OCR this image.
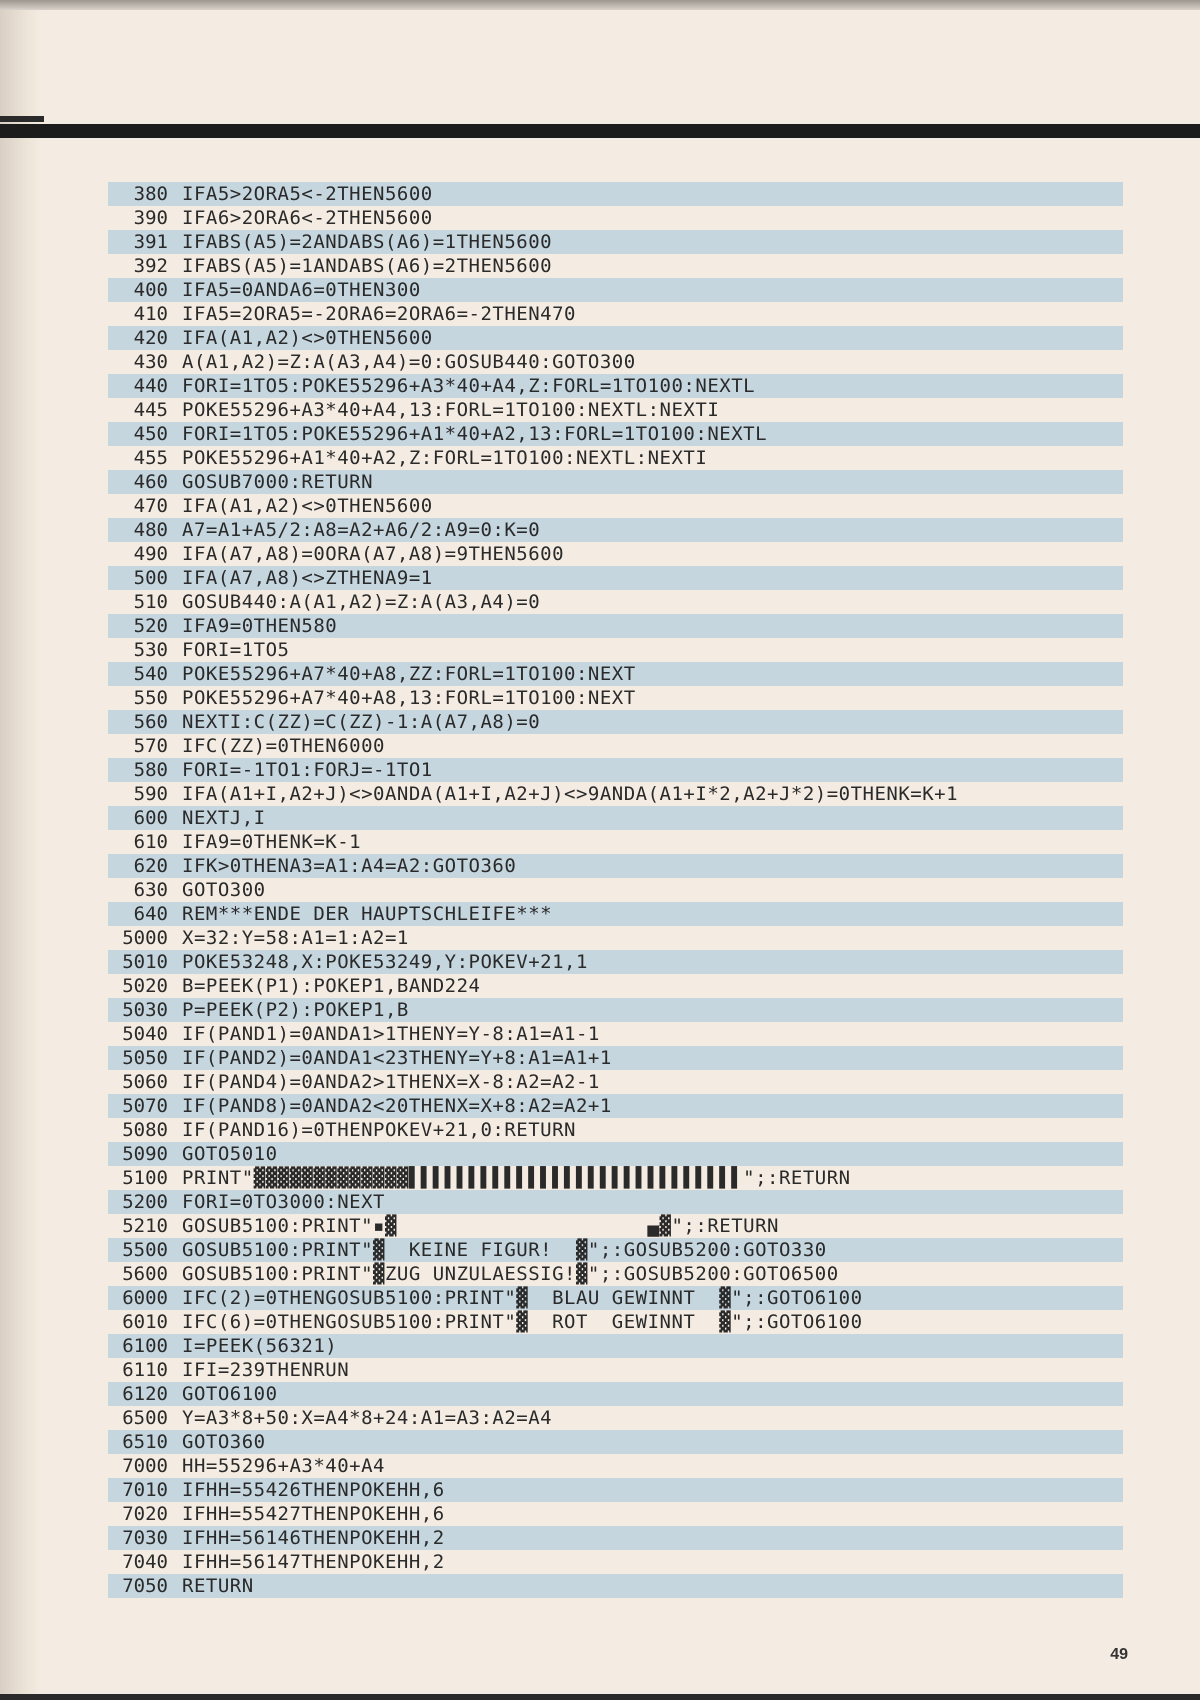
380 IFA5>2ORA5<-2THEN5600
390 IFA6>2ORA6<-2THEN5600
391 IFABS(A5)=2ANDABS(A6)=1THEN5600
392 IFABS(A5)=1ANDABS(A6)=2THEN5600
400 IFA5=0ANDA6=0THEN300
410 IFA5=2ORA5=-2ORA6=2ORA6=-2THEN470
420 IFA(A1,A2)<>0THEN5600
430 A(A1,A2)=Z:A(A3,A4)=0:GOSUB440:GOTO300
440 FORI=1TO5:POKE55296+A3*40+A4,Z:FORL=1TO100:NEXTL
445 POKE55296+A3*40+A4,13:FORL=1TO100:NEXTL:NEXTI
450 FORI=1TO5:POKE55296+A1*40+A2,13:FORL=1TO100:NEXTL
455 POKE55296+A1*40+A2,Z:FORL=1TO100:NEXTL:NEXTI
460 GOSUB7000:RETURN
470 IFA(A1,A2)<>0THEN5600
480 A7=A1+A5/2:A8=A2+A6/2:A9=0:K=0
490 IFA(A7,A8)=0ORA(A7,A8)=9THEN5600
500 IFA(A7,A8)<>ZTHENA9=1
510 GOSUB440:A(A1,A2)=Z:A(A3,A4)=0
520 IFA9=0THEN580
530 FORI=1TO5
540 POKE55296+A7*40+A8,ZZ:FORL=1TO100:NEXT
550 POKE55296+A7*40+A8,13:FORL=1TO100:NEXT
560 NEXTI:C(ZZ)=C(ZZ)-1:A(A7,A8)=0
570 IFC(ZZ)=0THEN6000
580 FORI=-1TO1:FORJ=-1TO1
590 IFA(A1+I,A2+J)<>0ANDA(A1+I,A2+J)<>9ANDA(A1+I*2,A2+J*2)=0THENK=K+1
600 NEXTJ,I
610 IFA9=0THENK=K-1
620 IFK>0THENA3=A1:A4=A2:GOTO360
630 GOTO300
640 REM***ENDE DER HAUPTSCHLEIFE***
5000 X=32:Y=58:A1=1:A2=1
5010 POKE53248,X:POKE53249,Y:POKEV+21,1
5020 B=PEEK(P1):POKEP1,BAND224
5030 P=PEEK(P2):POKEP1,B
5040 IF(PAND1)=0ANDA1>1THENY=Y-8:A1=A1-1
5050 IF(PAND2)=0ANDA1<23THENY=Y+8:A1=A1+1
5060 IF(PAND4)=0ANDA2>1THENX=X-8:A2=A2-1
5070 IF(PAND8)=0ANDA2<20THENX=X+8:A2=A2+1
5080 IF(PAND16)=0THENPOKEV+21,0:RETURN
5090 GOTO5010
5100 PRINT"▓▓▓▓▓▓▓▓▓▓▓▓▓▌▌▌▌▌▌▌▌▌▌▌▌▌▌▌▌▌▌▌▌▌▌▌▌▌▌▌▌";:RETURN
5200 FORI=0TO3000:NEXT
5210 GOSUB5100:PRINT"▪▓                     ▄▓";:RETURN
5500 GOSUB5100:PRINT"▓  KEINE FIGUR!  ▓";:GOSUB5200:GOTO330
5600 GOSUB5100:PRINT"▓ZUG UNZULAESSIG!▓";:GOSUB5200:GOTO6500
6000 IFC(2)=0THENGOSUB5100:PRINT"▓  BLAU GEWINNT  ▓";:GOTO6100
6010 IFC(6)=0THENGOSUB5100:PRINT"▓  ROT  GEWINNT  ▓";:GOTO6100
6100 I=PEEK(56321)
6110 IFI=239THENRUN
6120 GOTO6100
6500 Y=A3*8+50:X=A4*8+24:A1=A3:A2=A4
6510 GOTO360
7000 HH=55296+A3*40+A4
7010 IFHH=55426THENPOKEHH,6
7020 IFHH=55427THENPOKEHH,6
7030 IFHH=56146THENPOKEHH,2
7040 IFHH=56147THENPOKEHH,2
7050 RETURN
49
